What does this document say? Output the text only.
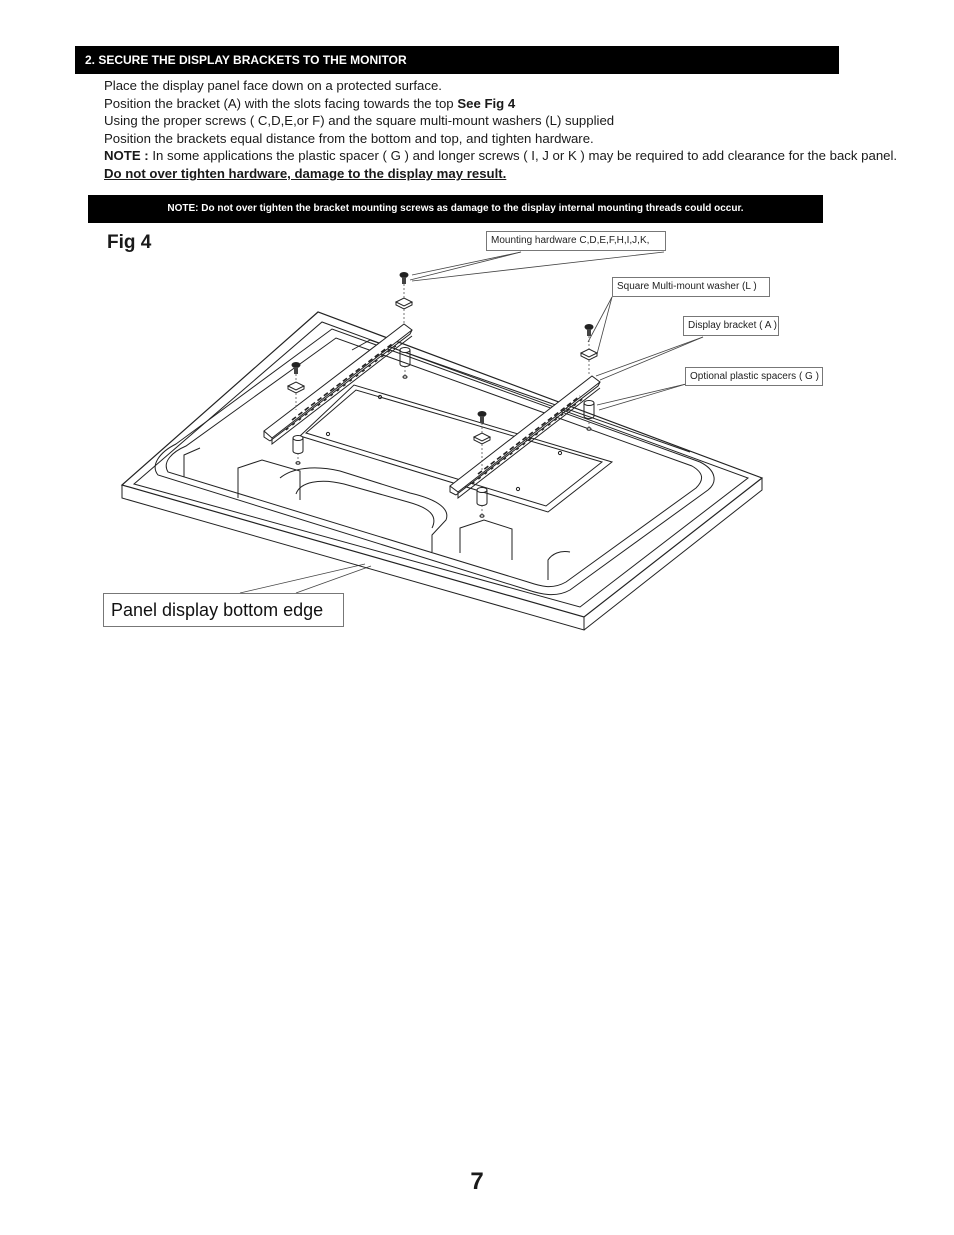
2. SECURE THE DISPLAY BRACKETS TO THE MONITOR
Place the display panel face down on a protected surface.
Position the bracket (A) with the slots facing towards the top See Fig 4
Using the proper screws ( C,D,E,or F) and the square multi-mount washers (L) supplied
Position the brackets equal distance from the bottom and top, and tighten hardware.
NOTE : In some applications the plastic spacer ( G ) and longer screws ( I, J or K ) may be required to add clearance for the back panel.
Do not over tighten hardware, damage to the display may result.
NOTE: Do not over tighten the bracket mounting screws as damage to the display internal mounting threads could occur.
Fig 4	Mounting hardware C,D,E,F,H,I,J,K,
Square Multi-mount washer (L )
Display bracket ( A )
Optional plastic spacers ( G )
Panel display bottom edge
7
